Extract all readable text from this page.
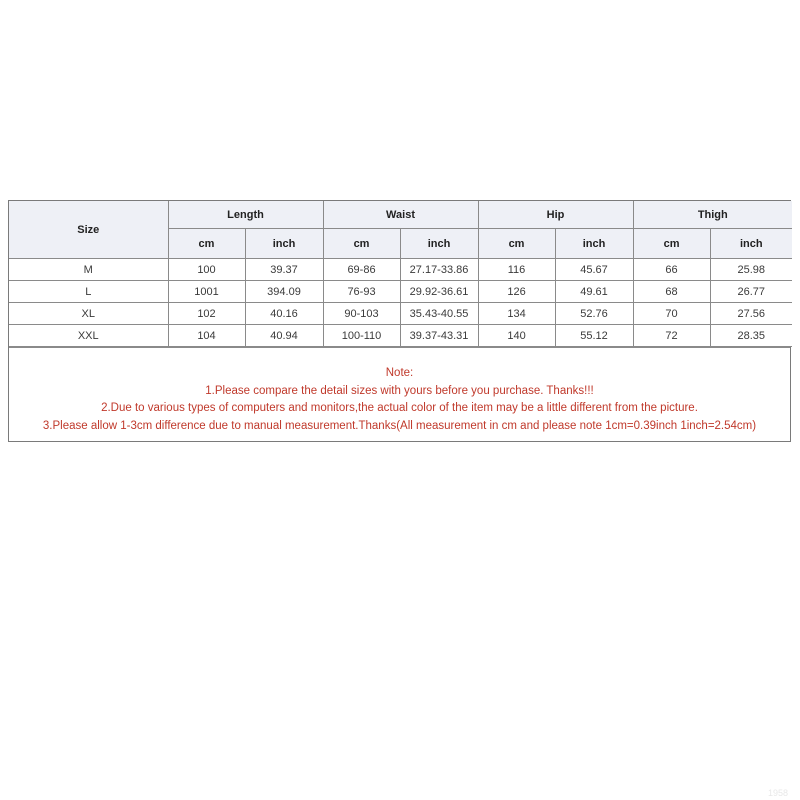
Size	Length		Waist		Hip		Thigh	
	cm	inch	cm	inch	cm	inch	cm	inch
M	100	39.37	69-86	27.17-33.86	116	45.67	66	25.98
L	1001	394.09	76-93	29.92-36.61	126	49.61	68	26.77
XL	102	40.16	90-103	35.43-40.55	134	52.76	70	27.56
XXL	104	40.94	100-110	39.37-43.31	140	55.12	72	28.35
Note:
1.Please compare the detail sizes with yours before you purchase. Thanks!!!
2.Due to various types of computers and monitors,the actual color of the item may be a little different from the picture.
3.Please allow 1-3cm difference due to manual measurement.Thanks(All measurement in cm and please note 1cm=0.39inch 1inch=2.54cm)
1958
